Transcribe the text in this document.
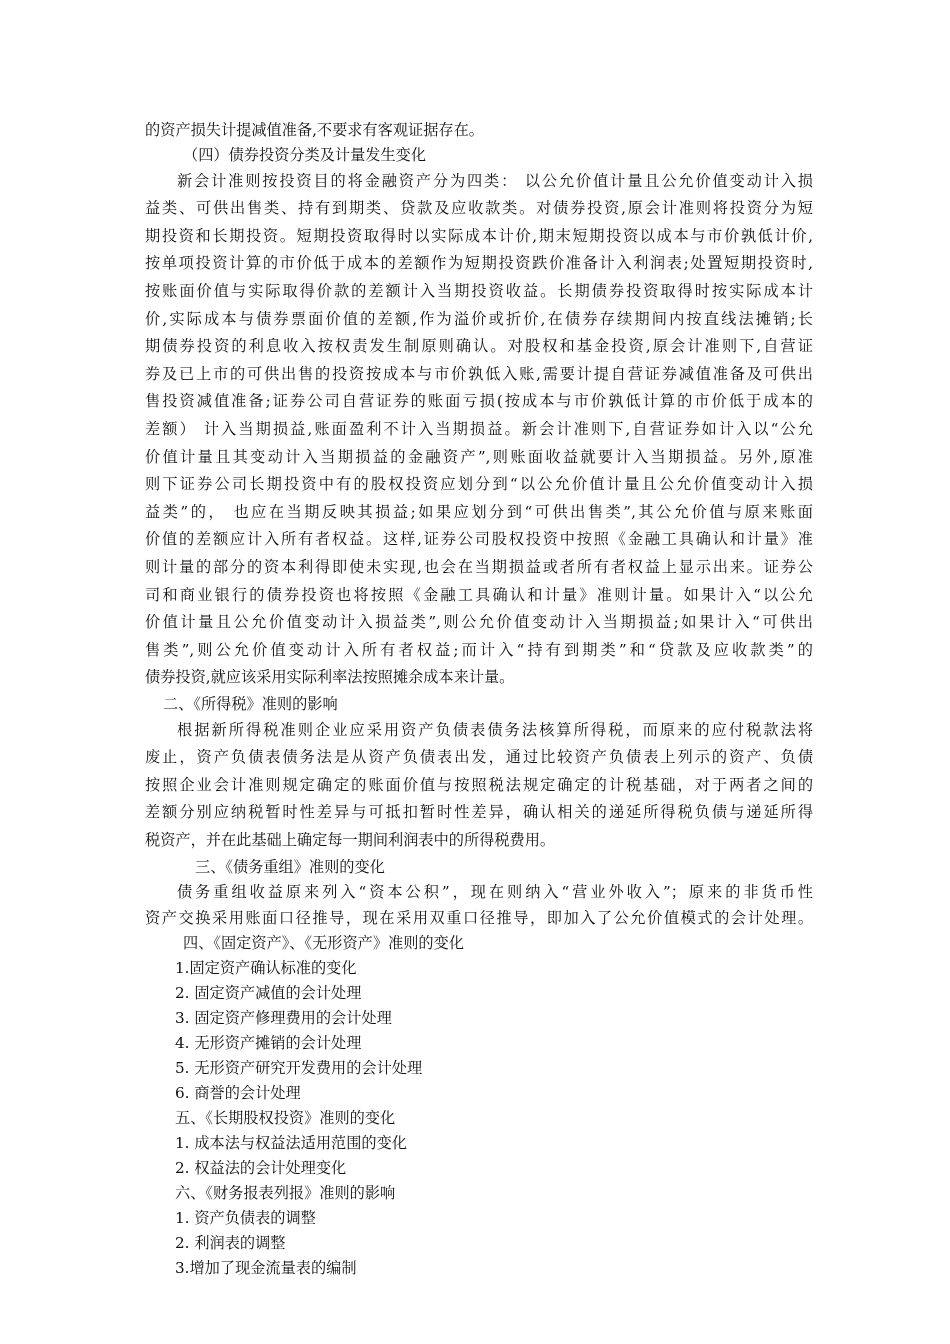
的资产损失计提减值准备,不要求有客观证据存在。
（四）债券投资分类及计量发生变化
新会计准则按投资目的将金融资产分为四类： 以公允价值计量且公允价值变动计入损
益类、可供出售类、持有到期类、贷款及应收款类。对债券投资,原会计准则将投资分为短
期投资和长期投资。短期投资取得时以实际成本计价,期末短期投资以成本与市价孰低计价,
按单项投资计算的市价低于成本的差额作为短期投资跌价准备计入利润表;处置短期投资时,
按账面价值与实际取得价款的差额计入当期投资收益。长期债券投资取得时按实际成本计
价,实际成本与债券票面价值的差额,作为溢价或折价,在债券存续期间内按直线法摊销;长
期债券投资的利息收入按权责发生制原则确认。对股权和基金投资,原会计准则下,自营证
券及已上市的可供出售的投资按成本与市价孰低入账,需要计提自营证券减值准备及可供出
售投资减值准备;证券公司自营证券的账面亏损(按成本与市价孰低计算的市价低于成本的
差额） 计入当期损益,账面盈利不计入当期损益。新会计准则下,自营证券如计入以“公允
价值计量且其变动计入当期损益的金融资产”,则账面收益就要计入当期损益。另外,原准
则下证券公司长期投资中有的股权投资应划分到“以公允价值计量且公允价值变动计入损
益类”的， 也应在当期反映其损益;如果应划分到“可供出售类”,其公允价值与原来账面
价值的差额应计入所有者权益。这样,证券公司股权投资中按照《金融工具确认和计量》准
则计量的部分的资本利得即使未实现,也会在当期损益或者所有者权益上显示出来。证券公
司和商业银行的债券投资也将按照《金融工具确认和计量》准则计量。如果计入“以公允
价值计量且公允价值变动计入损益类”,则公允价值变动计入当期损益;如果计入“可供出
售类”,则公允价值变动计入所有者权益;而计入“持有到期类”和“贷款及应收款类”的
债券投资,就应该采用实际利率法按照摊余成本来计量。
二、《所得税》准则的影响
根据新所得税准则企业应采用资产负债表债务法核算所得税，而原来的应付税款法将
废止，资产负债表债务法是从资产负债表出发，通过比较资产负债表上列示的资产、负债
按照企业会计准则规定确定的账面价值与按照税法规定确定的计税基础，对于两者之间的
差额分别应纳税暂时性差异与可抵扣暂时性差异，确认相关的递延所得税负债与递延所得
税资产，并在此基础上确定每一期间利润表中的所得税费用。
三、《债务重组》准则的变化
债务重组收益原来列入“资本公积”，现在则纳入“营业外收入”；原来的非货币性
资产交换采用账面口径推导，现在采用双重口径推导，即加入了公允价值模式的会计处理。
四、《固定资产》、《无形资产》准则的变化
1.固定资产确认标准的变化
2. 固定资产减值的会计处理
3. 固定资产修理费用的会计处理
4. 无形资产摊销的会计处理
5. 无形资产研究开发费用的会计处理
6. 商誉的会计处理
五、《长期股权投资》准则的变化
1. 成本法与权益法适用范围的变化
2. 权益法的会计处理变化
六、《财务报表列报》准则的影响
1. 资产负债表的调整
2. 利润表的调整
3.增加了现金流量表的编制
